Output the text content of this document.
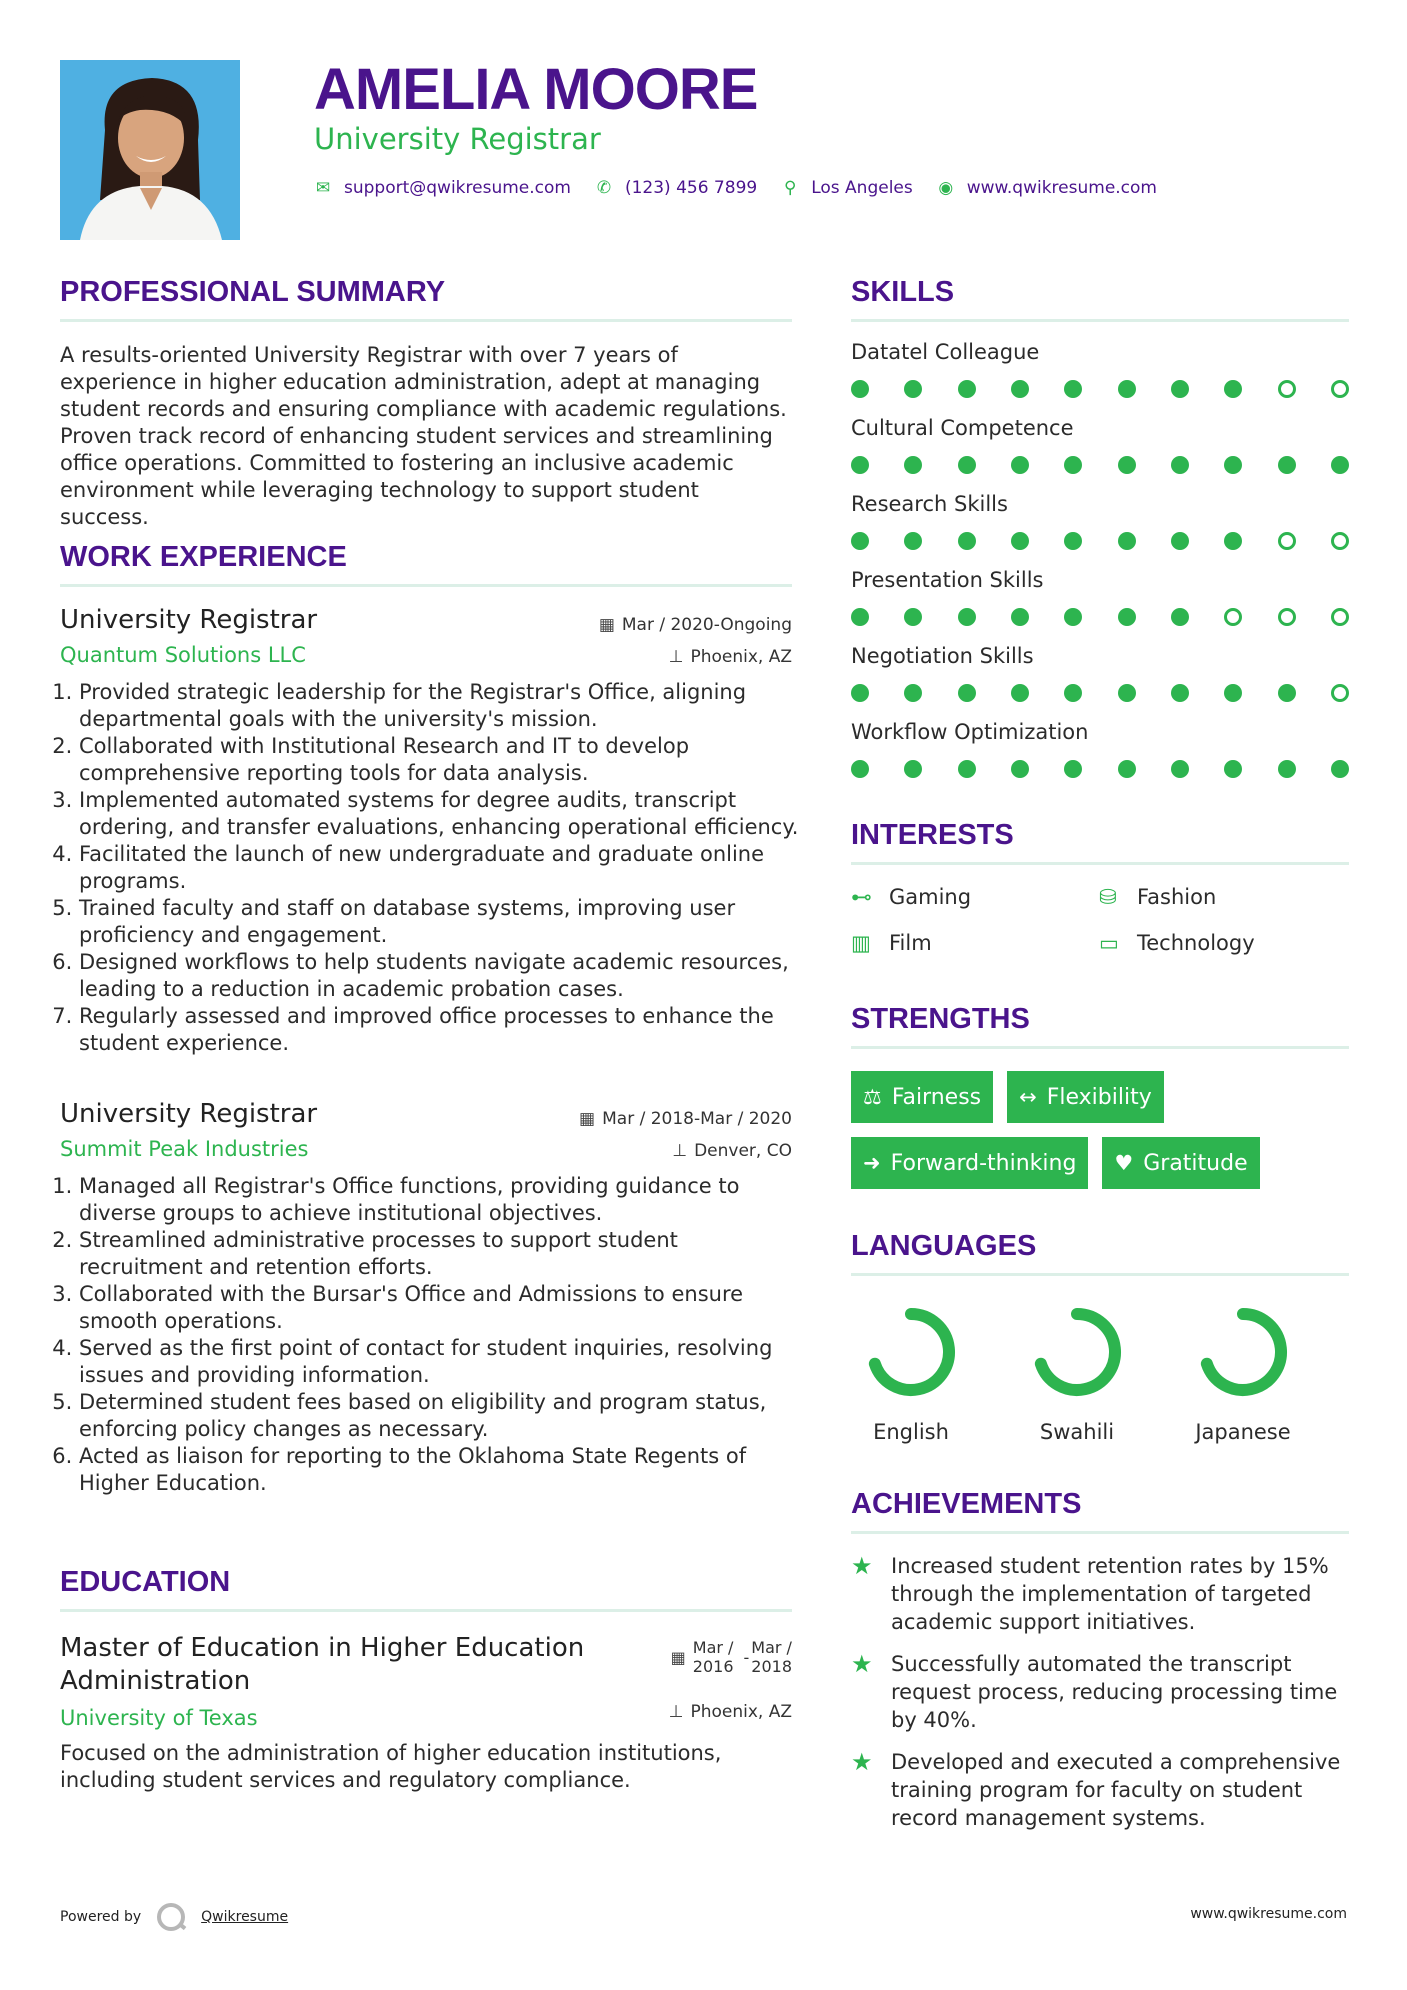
AMELIA MOORE
University Registrar
✉ support@qwikresume.com ✆ (123) 456 7899 ⚲ Los Angeles ◉ www.qwikresume.com
PROFESSIONAL SUMMARY

A results-oriented University Registrar with over 7 years of experience in higher education administration, adept at managing student records and ensuring compliance with academic regulations. Proven track record of enhancing student services and streamlining office operations. Committed to fostering an inclusive academic environment while leveraging technology to support student success.

WORK EXPERIENCE
University Registrar
Quantum Solutions LLC
▦ Mar / 2020-Ongoing
⊥ Phoenix, AZ
1. Provided strategic leadership for the Registrar's Office, aligning departmental goals with the university's mission.
2. Collaborated with Institutional Research and IT to develop comprehensive reporting tools for data analysis.
3. Implemented automated systems for degree audits, transcript ordering, and transfer evaluations, enhancing operational efficiency.
4. Facilitated the launch of new undergraduate and graduate online programs.
5. Trained faculty and staff on database systems, improving user proficiency and engagement.
6. Designed workflows to help students navigate academic resources, leading to a reduction in academic probation cases.
7. Regularly assessed and improved office processes to enhance the student experience.
University Registrar
Summit Peak Industries
▦ Mar / 2018-Mar / 2020
⊥ Denver, CO
1. Managed all Registrar's Office functions, providing guidance to diverse groups to achieve institutional objectives.
2. Streamlined administrative processes to support student recruitment and retention efforts.
3. Collaborated with the Bursar's Office and Admissions to ensure smooth operations.
4. Served as the first point of contact for student inquiries, resolving issues and providing information.
5. Determined student fees based on eligibility and program status, enforcing policy changes as necessary.
6. Acted as liaison for reporting to the Oklahoma State Regents of Higher Education.
EDUCATION
Master of Education in Higher Education Administration
University of Texas
▦
Mar /
2016 -
Mar /
2018
⊥ Phoenix, AZ

Focused on the administration of higher education institutions, including student services and regulatory compliance.

SKILLS
Datatel Colleague
Cultural Competence
Research Skills
Presentation Skills
Negotiation Skills
Workflow Optimization
INTERESTS
⊷ Gaming	⛁ Fashion
▥ Film	▭ Technology
STRENGTHS
⚖ Fairness ↔ Flexibility
➜ Forward-thinking ♥ Gratitude
LANGUAGES
English	Swahili	Japanese
ACHIEVEMENTS
★ Increased student retention rates by 15% through the implementation of targeted academic support initiatives.
★ Successfully automated the transcript request process, reducing processing time by 40%.
★ Developed and executed a comprehensive training program for faculty on student record management systems.
Powered by	Qwikresume	www.qwikresume.com
